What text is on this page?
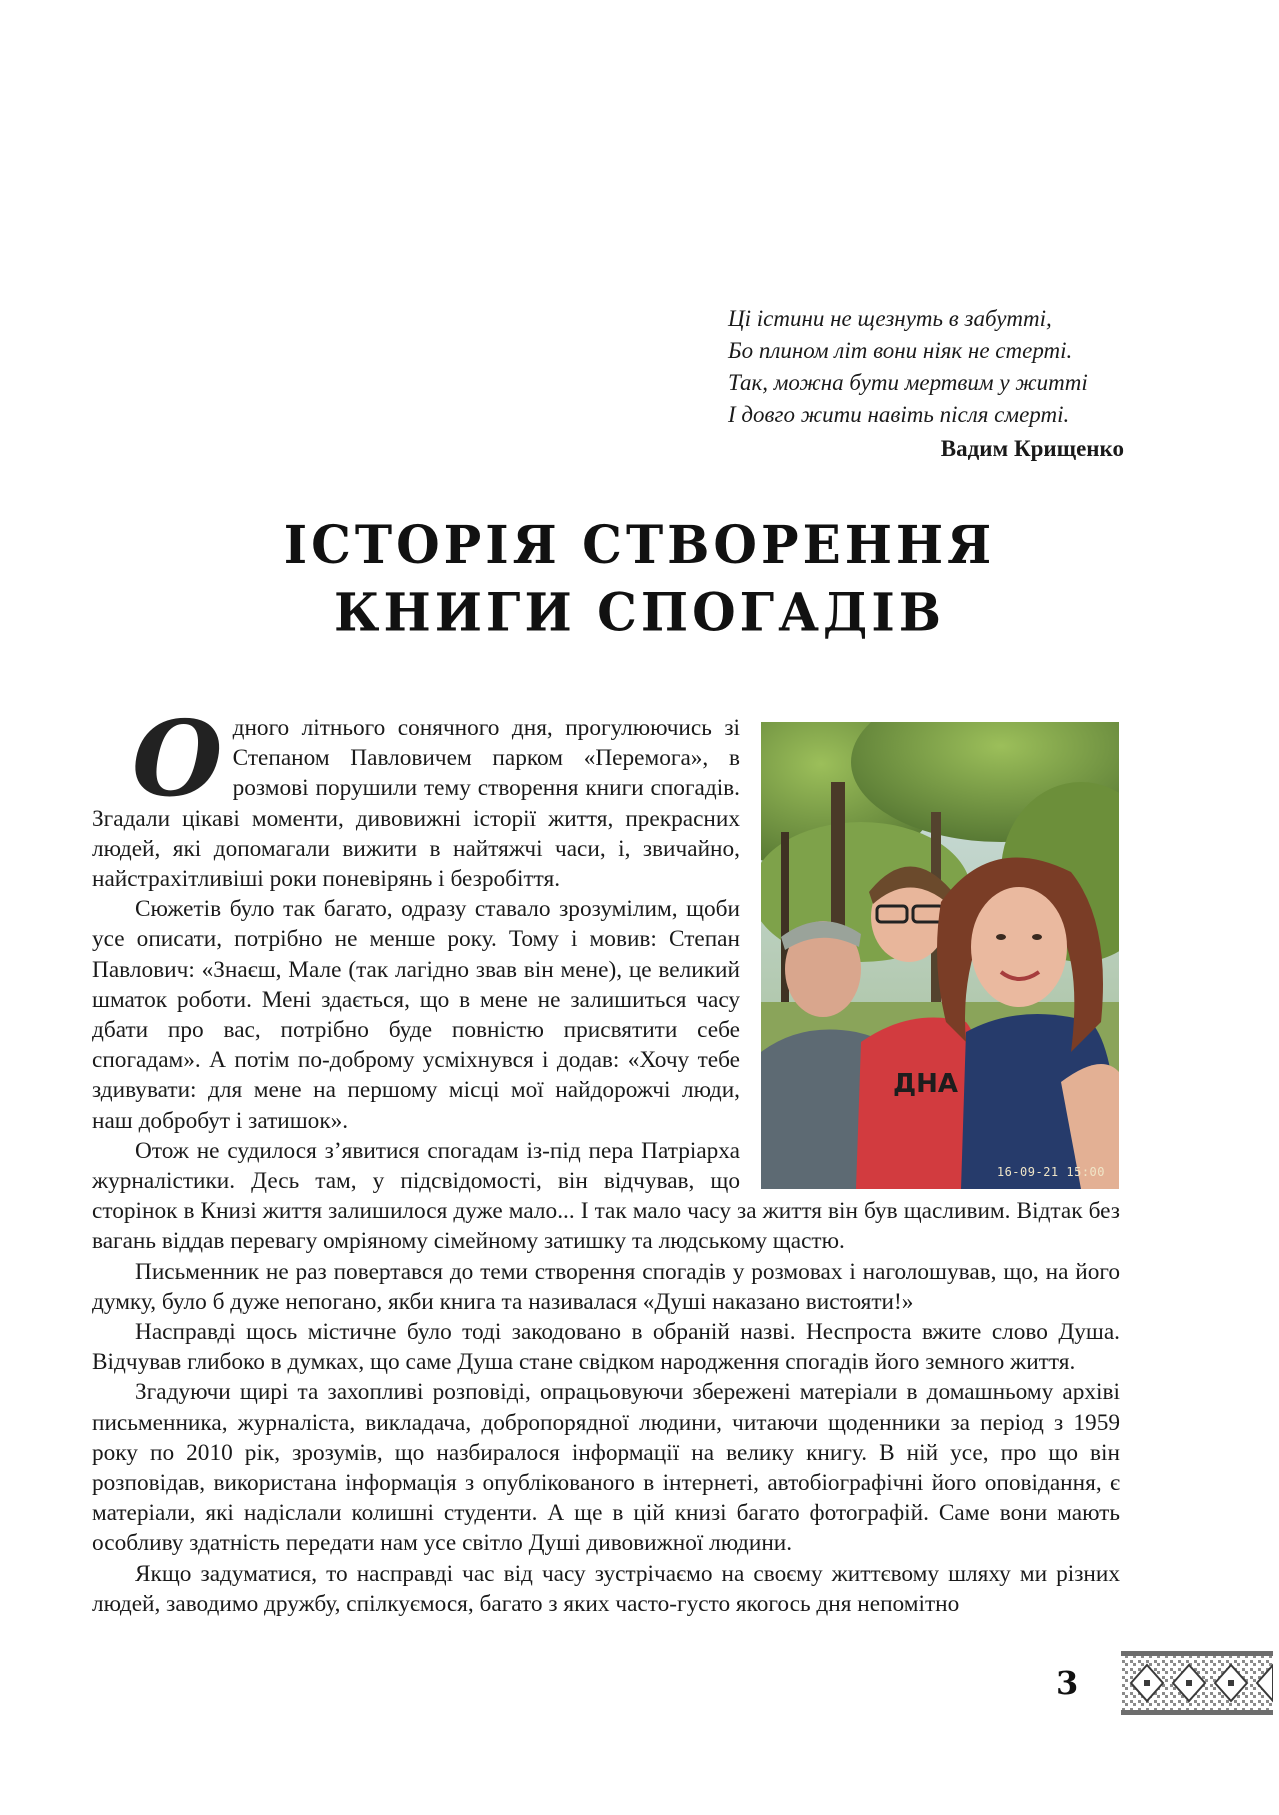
Ці істини не щезнуть в забутті,
Бо плином літ вони ніяк не стерті.
Так, можна бути мертвим у житті
І довго жити навіть після смерті.
Вадим Крищенко
ІСТОРІЯ СТВОРЕННЯ
КНИГИ СПОГАДІВ
ДНА
16-09-21 15:00

Одного літнього сонячного дня, прогулюючись зі Степаном Павловичем парком «Перемога», в розмові порушили тему створення книги спогадів. Згадали цікаві моменти, дивовижні історії життя, прекрасних людей, які допомагали вижити в найтяжчі часи, і, звичайно, найстрахітливіші роки поневірянь і безробіття.

Сюжетів було так багато, одразу ставало зрозумілим, щоби усе описати, потрібно не менше року. Тому і мовив: Степан Павлович: «Знаєш, Мале (так лагідно звав він мене), це великий шматок роботи. Мені здається, що в мене не залишиться часу дбати про вас, потрібно буде повністю присвятити себе спогадам». А потім по-доброму усміхнувся і додав: «Хочу тебе здивувати: для мене на першому місці мої найдорожчі люди, наш добробут і затишок».

Отож не судилося з’явитися спогадам із-під пера Патріарха журналістики. Десь там, у підсвідомості, він відчував, що сторінок в Книзі життя залишилося дуже мало... І так мало часу за життя він був щасливим. Відтак без вагань віддав перевагу омріяному сімейному затишку та людському щастю.

Письменник не раз повертався до теми створення спогадів у розмовах і наголошував, що, на його думку, було б дуже непогано, якби книга та називалася «Душі наказано вистояти!»

Насправді щось містичне було тоді закодовано в обраній назві. Неспроста вжите слово Душа. Відчував глибоко в думках, що саме Душа стане свідком народження спогадів його земного життя.

Згадуючи щирі та захопливі розповіді, опрацьовуючи збережені матеріали в домашньому архіві письменника, журналіста, викладача, добропорядної людини, читаючи щоденники за період з 1959 року по 2010 рік, зрозумів, що назбиралося інформації на велику книгу. В ній усе, про що він розповідав, використана інформація з опублікованого в інтернеті, автобіографічні його оповідання, є матеріали, які надіслали колишні студенти. А ще в цій книзі багато фотографій. Саме вони мають особливу здатність передати нам усе світло Душі дивовижної людини.

Якщо задуматися, то насправді час від часу зустрічаємо на своєму життєвому шляху ми різних людей, заводимо дружбу, спілкуємося, багато з яких часто-густо якогось дня непомітно

3
